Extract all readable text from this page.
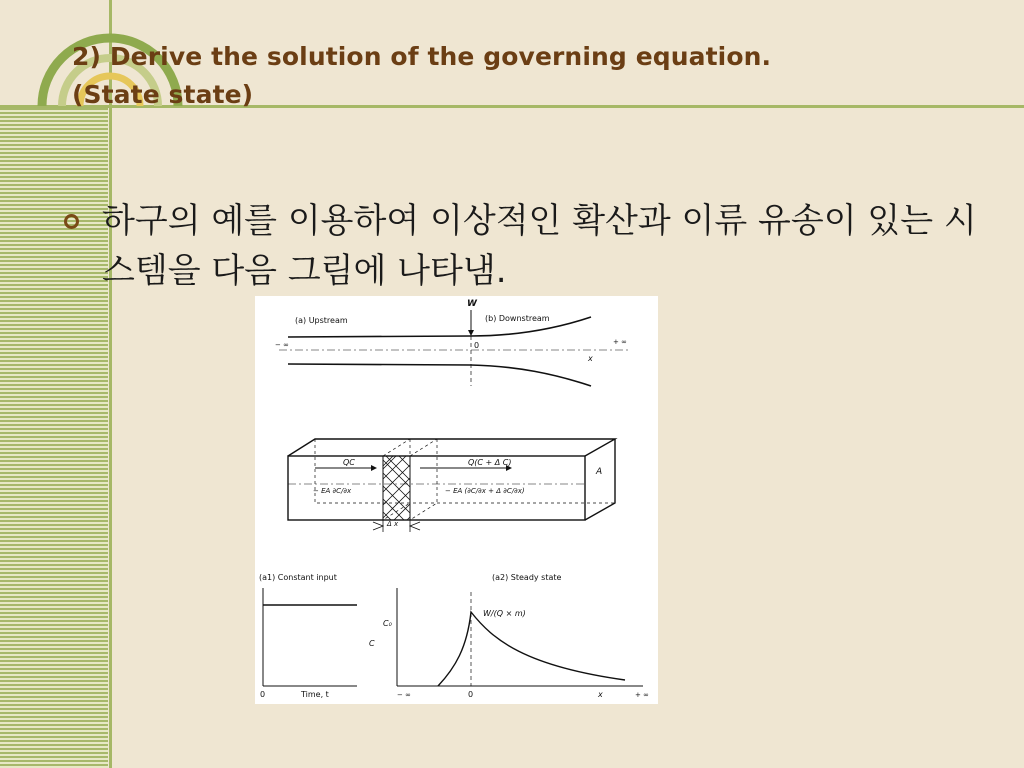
2) Derive the solution of the governing equation.
(State state)

하구의 예를 이용하여 이상적인 확산과 이류 유송이 있는 시스템을 다음 그림에 나타냄.

W
(a) Upstream	(b) Downstream
− ∞	0	+ ∞
x
QC
− EA ∂C/∂x
Q(C + Δ C)
− EA (∂C/∂x + Δ ∂C/∂x)
A
Δ x
(a1) Constant input
0	Time, t
(a2) Steady state
C₀
C
W/(Q × m)
− ∞	0	x	+ ∞
